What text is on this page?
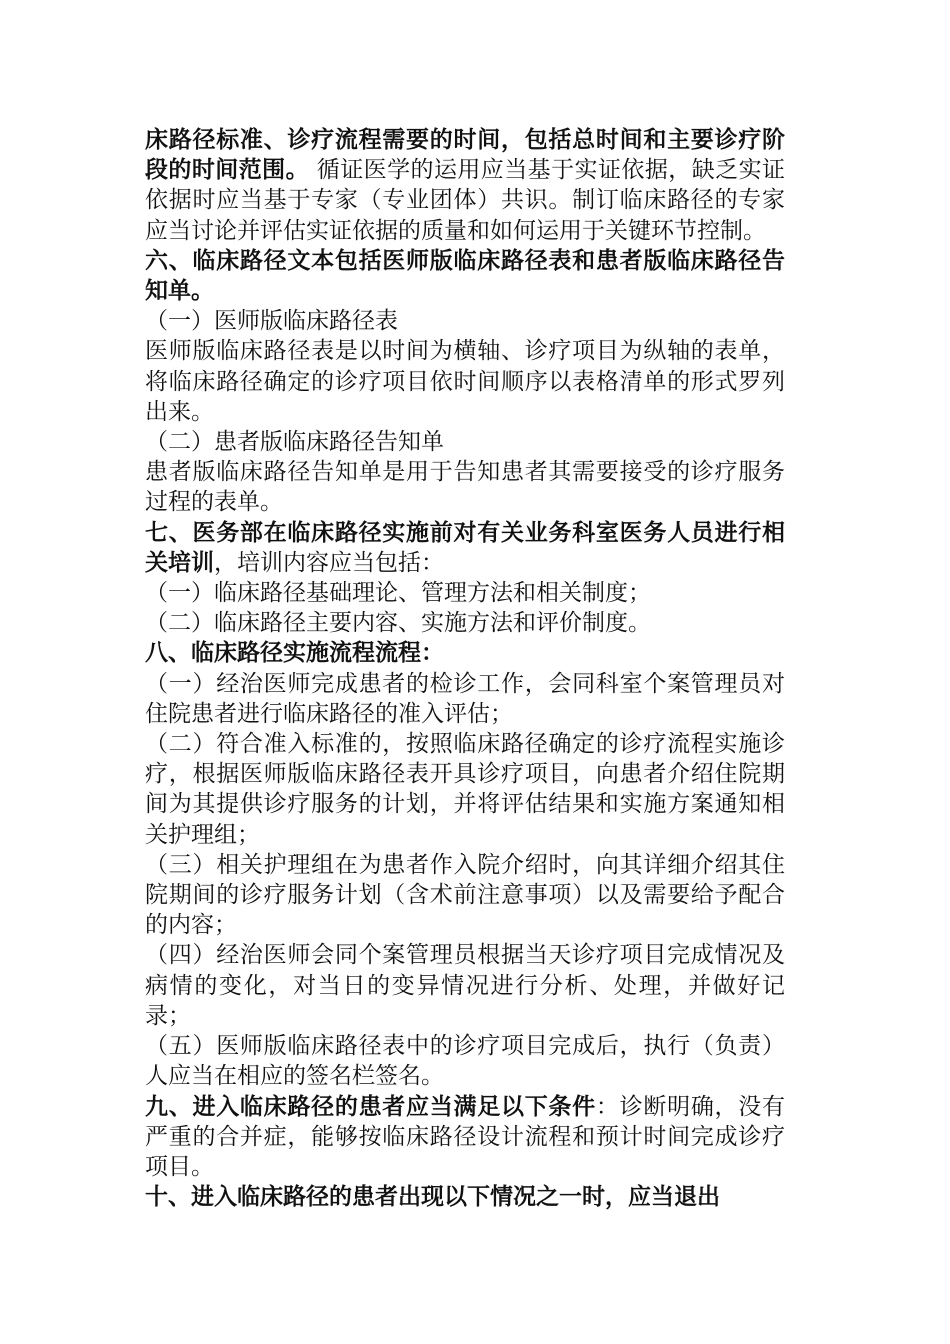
床路径标准、诊疗流程需要的时间，包括总时间和主要诊疗阶段的时间范围。 循证医学的运用应当基于实证依据，缺乏实证依据时应当基于专家（专业团体）共识。制订临床路径的专家应当讨论并评估实证依据的质量和如何运用于关键环节控制。

六、临床路径文本包括医师版临床路径表和患者版临床路径告知单。

（一）医师版临床路径表

医师版临床路径表是以时间为横轴、诊疗项目为纵轴的表单，将临床路径确定的诊疗项目依时间顺序以表格清单的形式罗列出来。

（二）患者版临床路径告知单

患者版临床路径告知单是用于告知患者其需要接受的诊疗服务过程的表单。

七、医务部在临床路径实施前对有关业务科室医务人员进行相关培训，培训内容应当包括：

（一）临床路径基础理论、管理方法和相关制度；

（二）临床路径主要内容、实施方法和评价制度。

八、临床路径实施流程流程：

（一）经治医师完成患者的检诊工作，会同科室个案管理员对住院患者进行临床路径的准入评估；

（二）符合准入标准的，按照临床路径确定的诊疗流程实施诊疗，根据医师版临床路径表开具诊疗项目，向患者介绍住院期间为其提供诊疗服务的计划，并将评估结果和实施方案通知相关护理组；

（三）相关护理组在为患者作入院介绍时，向其详细介绍其住院期间的诊疗服务计划（含术前注意事项）以及需要给予配合的内容；

（四）经治医师会同个案管理员根据当天诊疗项目完成情况及病情的变化，对当日的变异情况进行分析、处理，并做好记录；

（五）医师版临床路径表中的诊疗项目完成后，执行（负责）人应当在相应的签名栏签名。

九、进入临床路径的患者应当满足以下条件：诊断明确，没有严重的合并症，能够按临床路径设计流程和预计时间完成诊疗项目。

十、进入临床路径的患者出现以下情况之一时，应当退出
